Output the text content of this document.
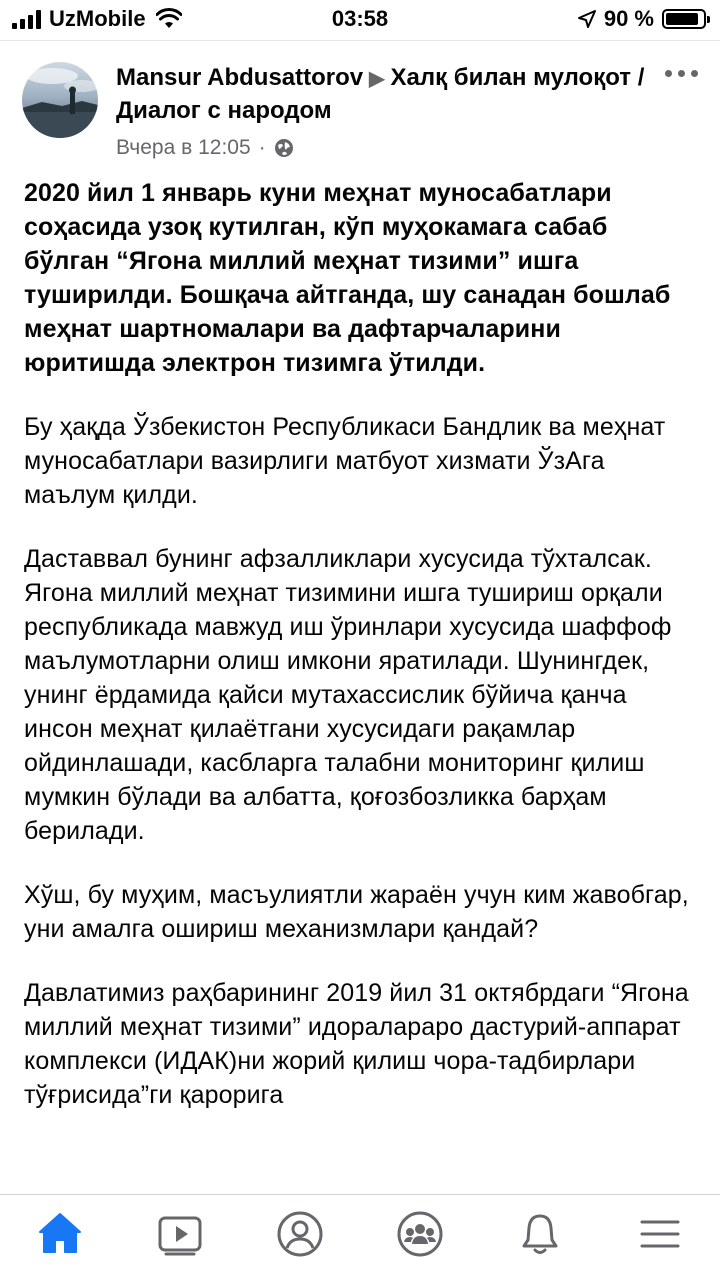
UzMobile	03:58	90 %
Mansur Abdusattorov ▶ Халқ билан мулоқот /Диалог с народом
Вчера в 12:05 ·

2020 йил 1 январь куни меҳнат муносабатлари соҳасида узоқ кутилган, кўп муҳокамага сабаб бўлган “Ягона миллий меҳнат тизими” ишга туширилди. Бошқача айтганда, шу санадан бошлаб меҳнат шартномалари ва дафтарчаларини юритишда электрон тизимга ўтилди.

Бу ҳақда Ўзбекистон Республикаси Бандлик ва меҳнат муносабатлари вазирлиги матбуот хизмати ЎзАга маълум қилди.

Даставвал бунинг афзалликлари хусусида тўхталсак. Ягона миллий меҳнат тизимини ишга тушириш орқали республикада мавжуд иш ўринлари хусусида шаффоф маълумотларни олиш имкони яратилади. Шунингдек, унинг ёрдамида қайси мутахассислик бўйича қанча инсон меҳнат қилаётгани хусусидаги рақамлар ойдинлашади, касбларга талабни мониторинг қилиш мумкин бўлади ва албатта, қоғозбозликка барҳам берилади.

Хўш, бу муҳим, масъулиятли жараён учун ким жавобгар, уни амалга ошириш механизмлари қандай?

Давлатимиз раҳбарининг 2019 йил 31 октябрдаги “Ягона миллий меҳнат тизими” идоралараро дастурий-аппарат комплекси (ИДАК)ни жорий қилиш чора-тадбирлари тўғрисида”ги қарорига
